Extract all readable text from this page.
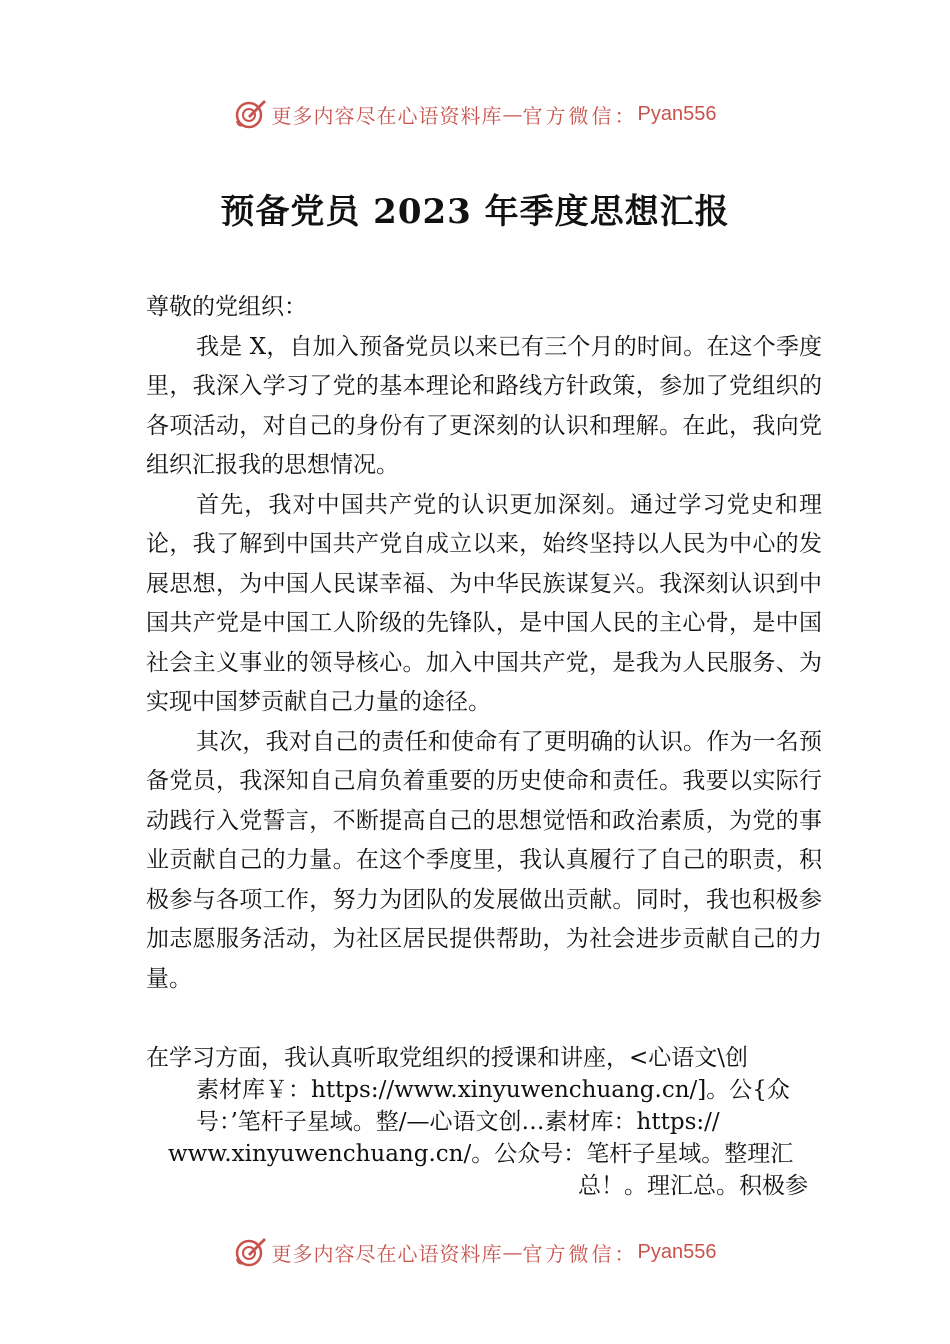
更多内容尽在心语资料库 — 官方微信： Pyan556
预备党员 2023 年季度思想汇报

尊敬的党组织：

我是 X，自加入预备党员以来已有三个月的时间。在这个季度里，我深入学习了党的基本理论和路线方针政策，参加了党组织的各项活动，对自己的身份有了更深刻的认识和理解。在此，我向党组织汇报我的思想情况。

首先，我对中国共产党的认识更加深刻。通过学习党史和理论，我了解到中国共产党自成立以来，始终坚持以人民为中心的发展思想，为中国人民谋幸福、为中华民族谋复兴。我深刻认识到中国共产党是中国工人阶级的先锋队，是中国人民的主心骨，是中国社会主义事业的领导核心。加入中国共产党，是我为人民服务、为实现中国梦贡献自己力量的途径。

其次，我对自己的责任和使命有了更明确的认识。作为一名预备党员，我深知自己肩负着重要的历史使命和责任。我要以实际行动践行入党誓言，不断提高自己的思想觉悟和政治素质，为党的事业贡献自己的力量。在这个季度里，我认真履行了自己的职责，积极参与各项工作，努力为团队的发展做出贡献。同时，我也积极参加志愿服务活动，为社区居民提供帮助，为社会进步贡献自己的力量。

在学习方面，我认真听取党组织的授课和讲座，<心语文\创
素材库￥：https://www.xinyuwenchuang.cn/]。公{众
号：’笔杆子星域。整/—心语文创…素材库：https://
www.xinyuwenchuang.cn/。公众号：笔杆子星域。整理汇
总！。理汇总。积极参
更多内容尽在心语资料库 — 官方微信： Pyan556
